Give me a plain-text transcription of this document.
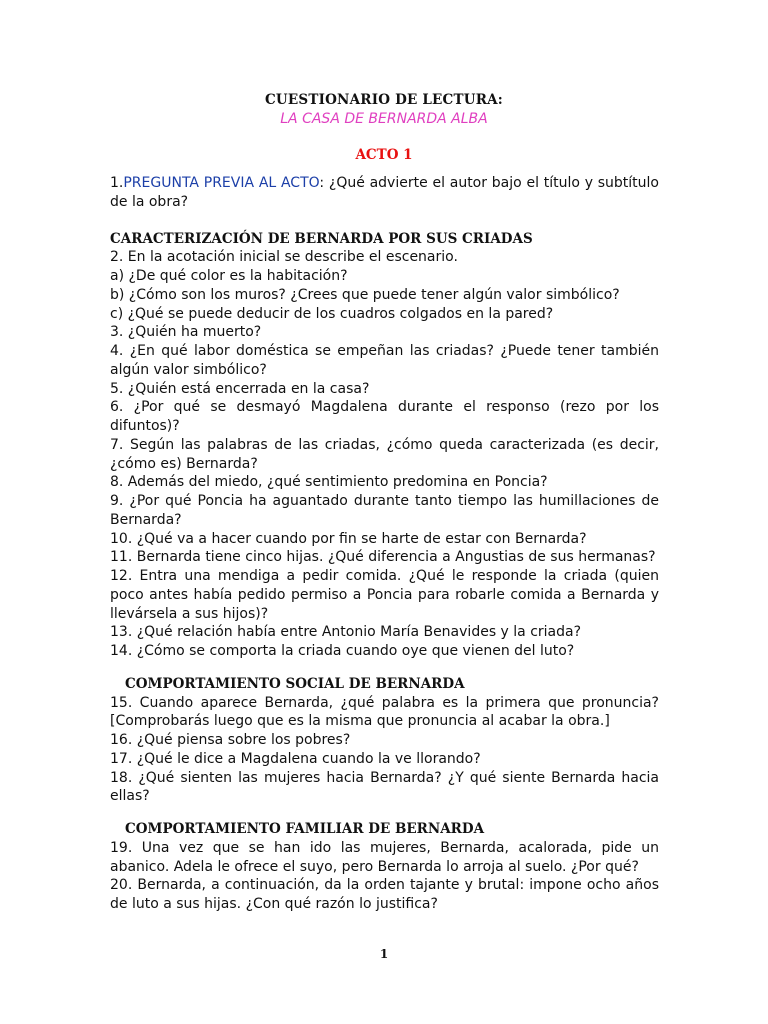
CUESTIONARIO DE LECTURA:
LA CASA DE BERNARDA ALBA
ACTO 1

1.PREGUNTA PREVIA AL ACTO: ¿Qué advierte el autor bajo el título y subtítulo de la obra?

CARACTERIZACIÓN DE BERNARDA POR SUS CRIADAS

2. En la acotación inicial se describe el escenario.

a) ¿De qué color es la habitación?

b) ¿Cómo son los muros? ¿Crees que puede tener algún valor simbólico?

c) ¿Qué se puede deducir de los cuadros colgados en la pared?

3. ¿Quién ha muerto?

4. ¿En qué labor doméstica se empeñan las criadas? ¿Puede tener también algún valor simbólico?

5. ¿Quién está encerrada en la casa?

6. ¿Por qué se desmayó Magdalena durante el responso (rezo por los difuntos)?

7. Según las palabras de las criadas, ¿cómo queda caracterizada (es decir, ¿cómo es) Bernarda?

8. Además del miedo, ¿qué sentimiento predomina en Poncia?

9. ¿Por qué Poncia ha aguantado durante tanto tiempo las humillaciones de Bernarda?

10. ¿Qué va a hacer cuando por fin se harte de estar con Bernarda?

11. Bernarda tiene cinco hijas. ¿Qué diferencia a Angustias de sus hermanas?

12. Entra una mendiga a pedir comida. ¿Qué le responde la criada (quien poco antes había pedido permiso a Poncia para robarle comida a Bernarda y llevársela a sus hijos)?

13. ¿Qué relación había entre Antonio María Benavides y la criada?

14. ¿Cómo se comporta la criada cuando oye que vienen del luto?

COMPORTAMIENTO SOCIAL DE BERNARDA

15. Cuando aparece Bernarda, ¿qué palabra es la primera que pronuncia? [Comprobarás luego que es la misma que pronuncia al acabar la obra.]

16. ¿Qué piensa sobre los pobres?

17. ¿Qué le dice a Magdalena cuando la ve llorando?

18. ¿Qué sienten las mujeres hacia Bernarda? ¿Y qué siente Bernarda hacia ellas?

COMPORTAMIENTO FAMILIAR DE BERNARDA

19. Una vez que se han ido las mujeres, Bernarda, acalorada, pide un abanico. Adela le ofrece el suyo, pero Bernarda lo arroja al suelo. ¿Por qué?

20. Bernarda, a continuación, da la orden tajante y brutal: impone ocho años de luto a sus hijas. ¿Con qué razón lo justifica?

1
